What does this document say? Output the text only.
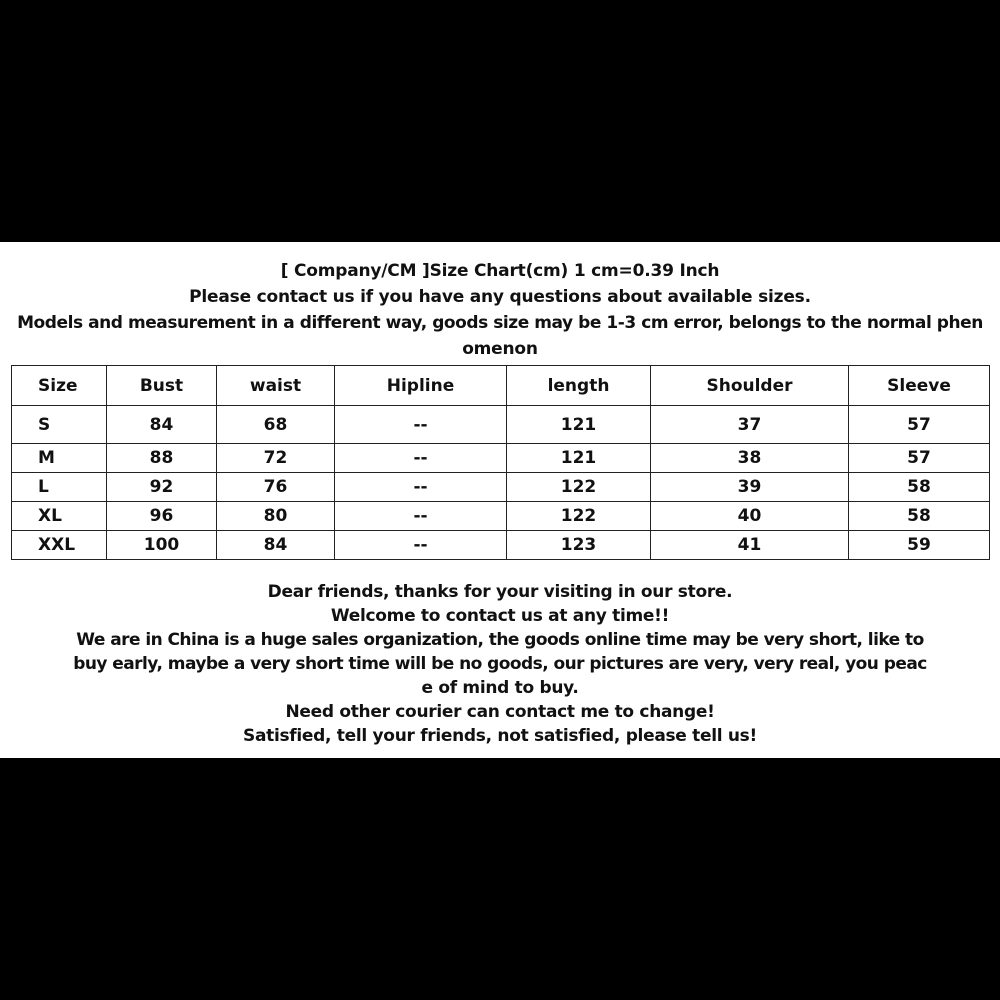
[ Company/CM ]Size Chart(cm) 1 cm=0.39 Inch
Please contact us if you have any questions about available sizes.
Models and measurement in a different way, goods size may be 1-3 cm error, belongs to the normal phen
omenon
Size	Bust	waist	Hipline	length	Shoulder	Sleeve
S	84	68	--	121	37	57
M	88	72	--	121	38	57
L	92	76	--	122	39	58
XL	96	80	--	122	40	58
XXL	100	84	--	123	41	59
Dear friends, thanks for your visiting in our store.
Welcome to contact us at any time!!
We are in China is a huge sales organization, the goods online time may be very short, like to
buy early, maybe a very short time will be no goods, our pictures are very, very real, you peac
e of mind to buy.
Need other courier can contact me to change!
Satisfied, tell your friends, not satisfied, please tell us!
